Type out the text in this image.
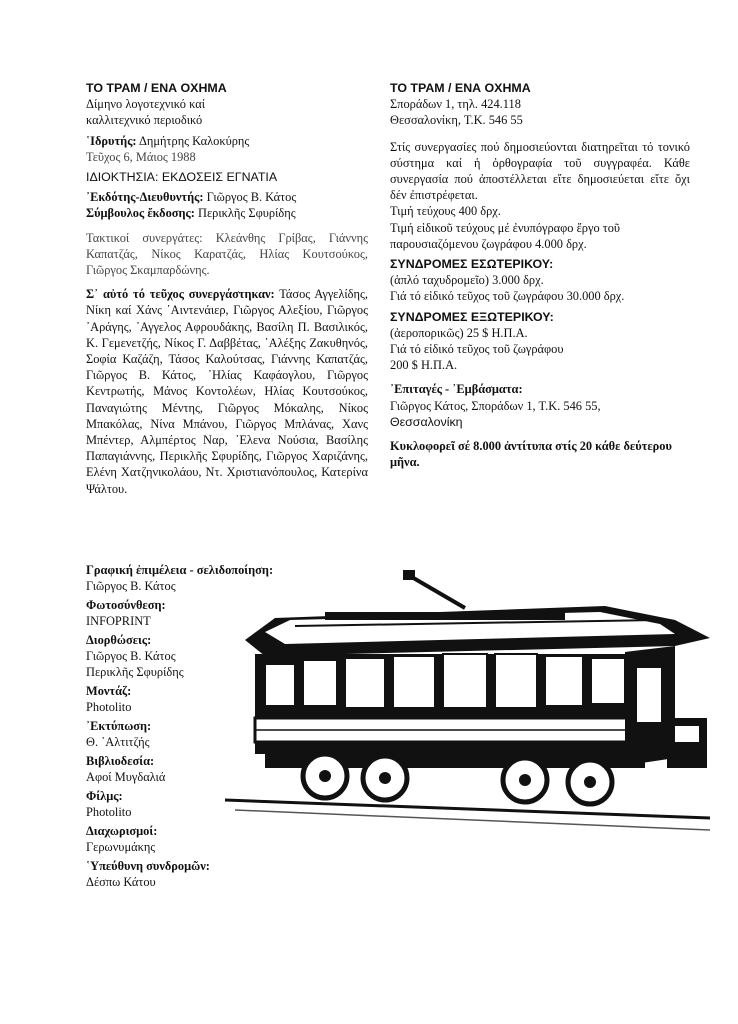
ΤΟ ΤΡΑΜ / ΕΝΑ ΟΧΗΜΑ

Δίμηνο λογοτεχνικό καί

καλλιτεχνικό περιοδικό

῾Ιδρυτής: Δημήτρης Καλοκύρης

Τεῦχος 6, Μάιος 1988

ΙΔΙΟΚΤΗΣΙΑ: ΕΚΔΟΣΕΙΣ ΕΓΝΑΤΙΑ

᾿Εκδότης-Διευθυντής: Γιῶργος Β. Κάτος

Σύμβουλος ἔκδοσης: Περικλῆς Σφυρίδης

Τακτικοί συνεργάτες: Κλεάνθης Γρίβας, Γιάννης Καπατζάς, Νίκος Καρατζάς, Ηλίας Κουτσούκος, Γιῶργος Σκαμπαρδώνης.

Σ᾿ αὐτό τό τεῦχος συνεργάστηκαν: Τάσος Αγγελίδης, Νίκη καί Χάνς ᾿Αιντενάιερ, Γιῶργος Αλεξίου, Γιῶργος ᾿Αράγης, ᾿Αγγελος Αφρουδάκης, Βασίλη Π. Βασιλικός, Κ. Γεμενετζής, Νίκος Γ. Δαββέτας, ᾿Αλέξης Ζακυθηνός, Σοφία Καζάζη, Τάσος Καλούτσας, Γιάννης Καπατζάς, Γιῶργος Β. Κάτος, ᾿Ηλίας Καφάογλου, Γιῶργος Κεντρωτής, Μάνος Κοντολέων, Ηλίας Κουτσούκος, Παναγιώτης Μέντης, Γιῶργος Μόκαλης, Νίκος Μπακόλας, Νίνα Μπάνου, Γιῶργος Μπλάνας, Χανς Μπέντερ, Αλμπέρτος Ναρ, ᾿Ελενα Νούσια, Βασίλης Παπαγιάννης, Περικλῆς Σφυρίδης, Γιῶργος Χαριζάνης, Ελένη Χατζηνικολάου, Ντ. Χριστιανόπουλος, Κατερίνα Ψάλτου.

Γραφική ἐπιμέλεια - σελιδοποίηση:

Γιῶργος Β. Κάτος

Φωτοσύνθεση:

INFOPRINT

Διορθώσεις:

Γιῶργος Β. Κάτος
Περικλῆς Σφυρίδης

Μοντάζ:

Photolito

᾿Εκτύπωση:

Θ. ᾿Αλτιτζής

Βιβλιοδεσία:

Αφοί Μυγδαλιά

Φίλμς:

Photolito

Διαχωρισμοί:

Γερωνυμάκης

῾Υπεύθυνη συνδρομῶν:

Δέσπω Κάτου

ΤΟ ΤΡΑΜ / ΕΝΑ ΟΧΗΜΑ

Σποράδων 1, τηλ. 424.118

Θεσσαλονίκη, Τ.Κ. 546 55

Στίς συνεργασίες πού δημοσιεύονται διατηρεῖται τό τονικό σύστημα καί ἡ ὀρθογραφία τοῦ συγγραφέα. Κάθε συνεργασία πού ἀποστέλλεται εἴτε δημοσιεύεται εἴτε ὄχι δέν ἐπιστρέφεται.

Τιμή τεύχους 400 δρχ.

Τιμή εἰδικοῦ τεύχους μέ ἐνυπόγραφο ἔργο τοῦ παρουσιαζόμενου ζωγράφου 4.000 δρχ.

ΣΥΝΔΡΟΜΕΣ ΕΣΩΤΕΡΙΚΟΥ:

(ἁπλό ταχυδρομεῖο) 3.000 δρχ.

Γιά τό εἰδικό τεῦχος τοῦ ζωγράφου 30.000 δρχ.

ΣΥΝΔΡΟΜΕΣ ΕΞΩΤΕΡΙΚΟΥ:

(ἀεροπορικῶς) 25 $ Η.Π.Α.

Γιά τό εἰδικό τεῦχος τοῦ ζωγράφου

200 $ Η.Π.Α.

᾿Επιταγές - ᾿Εμβάσματα:

Γιῶργος Κάτος, Σποράδων 1, Τ.Κ. 546 55,

Θεσσαλονίκη

Κυκλοφορεῖ σέ 8.000 ἀντίτυπα στίς 20 κάθε δεύτερου μῆνα.
